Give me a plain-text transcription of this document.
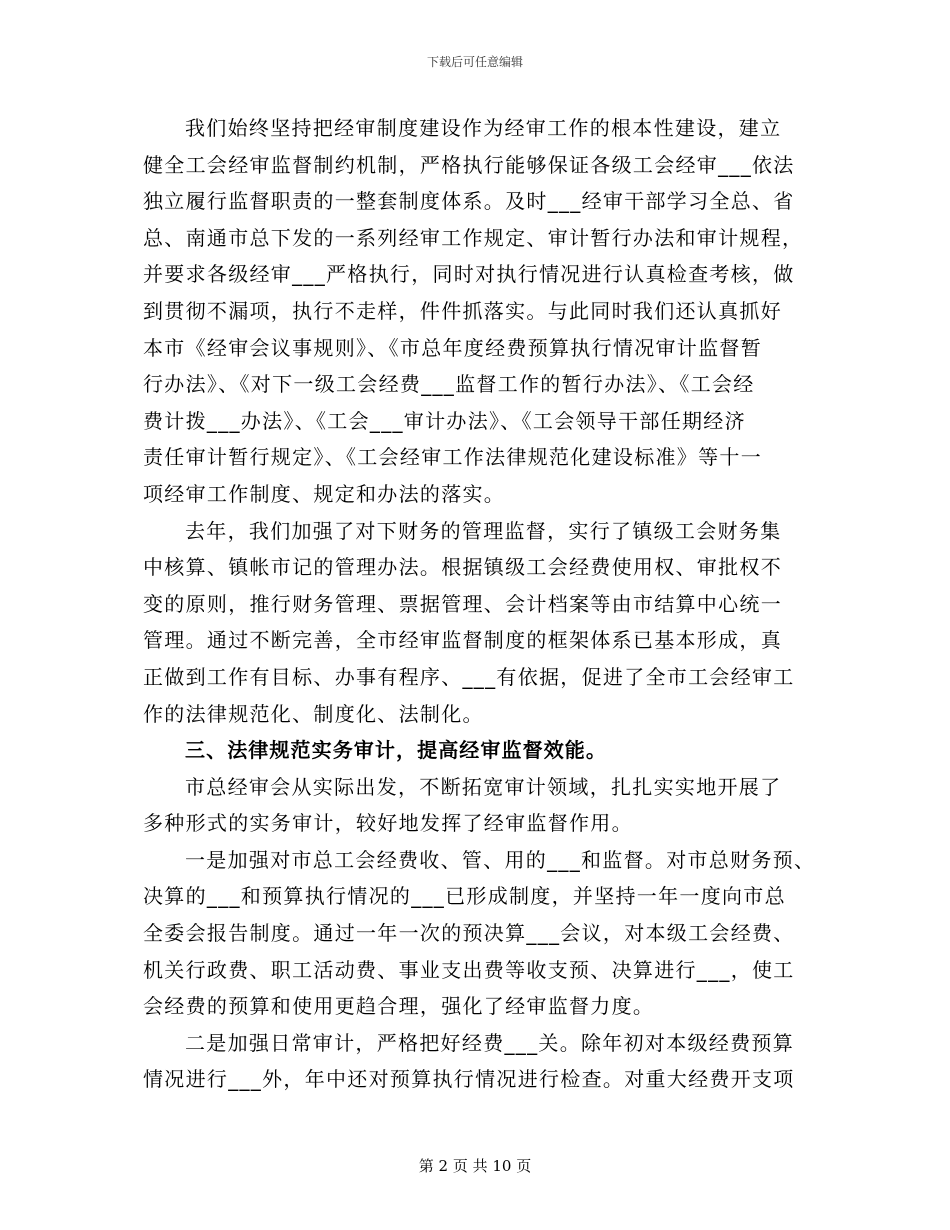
下载后可任意编辑
我们始终坚持把经审制度建设作为经审工作的根本性建设，建立
健全工会经审监督制约机制，严格执行能够保证各级工会经审___依法
独立履行监督职责的一整套制度体系。及时___经审干部学习全总、省
总、南通市总下发的一系列经审工作规定、审计暂行办法和审计规程，
并要求各级经审___严格执行，同时对执行情况进行认真检查考核，做
到贯彻不漏项，执行不走样，件件抓落实。与此同时我们还认真抓好
本市《经审会议事规则》、《市总年度经费预算执行情况审计监督暂
行办法》、《对下一级工会经费___监督工作的暂行办法》、《工会经
费计拨___办法》、《工会___审计办法》、《工会领导干部任期经济
责任审计暂行规定》、《工会经审工作法律规范化建设标准》等十一
项经审工作制度、规定和办法的落实。
去年，我们加强了对下财务的管理监督，实行了镇级工会财务集
中核算、镇帐市记的管理办法。根据镇级工会经费使用权、审批权不
变的原则，推行财务管理、票据管理、会计档案等由市结算中心统一
管理。通过不断完善，全市经审监督制度的框架体系已基本形成，真
正做到工作有目标、办事有程序、___有依据，促进了全市工会经审工
作的法律规范化、制度化、法制化。
三、法律规范实务审计，提高经审监督效能。
市总经审会从实际出发，不断拓宽审计领域，扎扎实实地开展了
多种形式的实务审计，较好地发挥了经审监督作用。
一是加强对市总工会经费收、管、用的___和监督。对市总财务预、
决算的___和预算执行情况的___已形成制度，并坚持一年一度向市总
全委会报告制度。通过一年一次的预决算___会议，对本级工会经费、
机关行政费、职工活动费、事业支出费等收支预、决算进行___，使工
会经费的预算和使用更趋合理，强化了经审监督力度。
二是加强日常审计，严格把好经费___关。除年初对本级经费预算
情况进行___外，年中还对预算执行情况进行检查。对重大经费开支项
第 2 页 共 10 页
